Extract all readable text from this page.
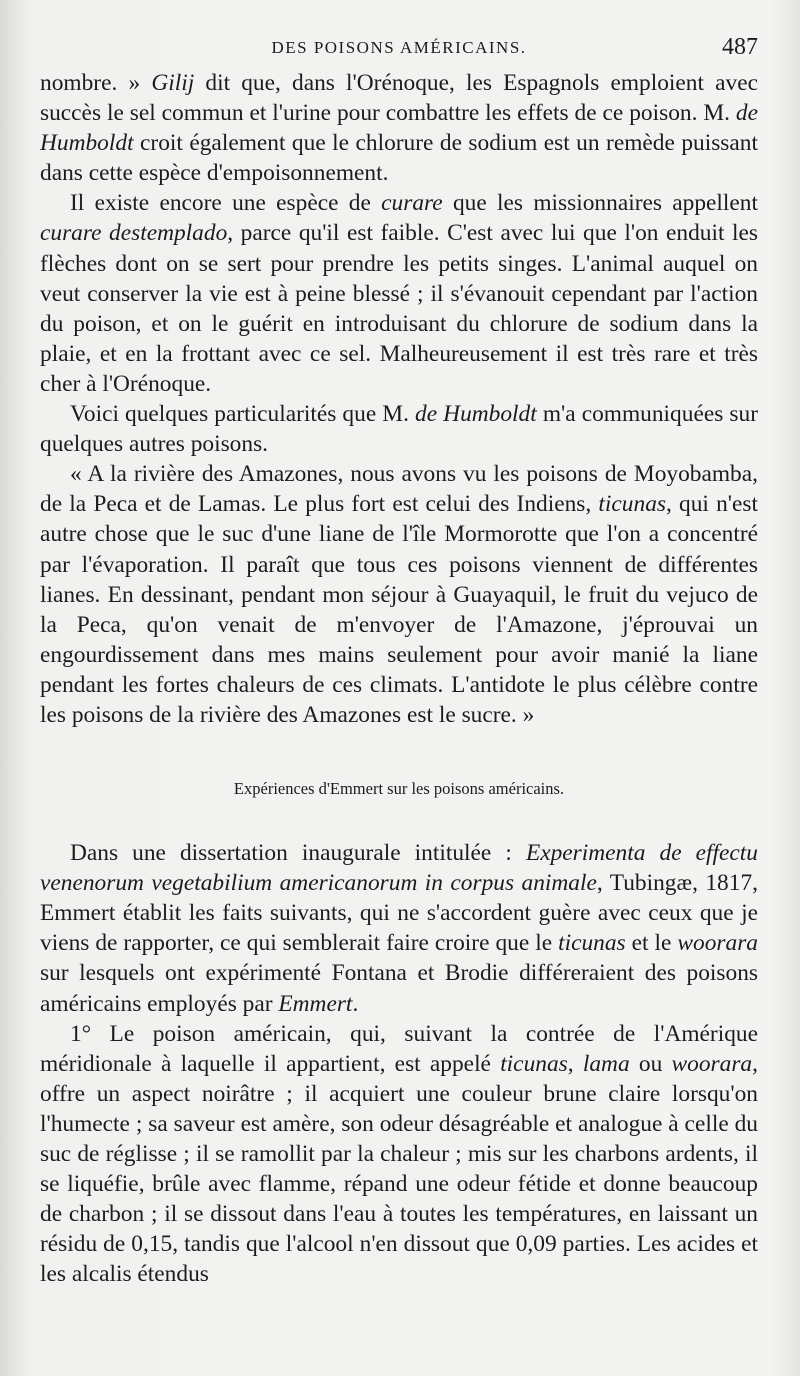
DES POISONS AMÉRICAINS.	487

nombre. » Gilij dit que, dans l'Orénoque, les Espagnols emploient avec succès le sel commun et l'urine pour combattre les effets de ce poison. M. de Humboldt croit également que le chlorure de sodium est un remède puissant dans cette espèce d'empoisonnement.

Il existe encore une espèce de curare que les missionnaires appellent curare destemplado, parce qu'il est faible. C'est avec lui que l'on enduit les flèches dont on se sert pour prendre les petits singes. L'animal auquel on veut conserver la vie est à peine blessé ; il s'évanouit cependant par l'action du poison, et on le guérit en introduisant du chlorure de sodium dans la plaie, et en la frottant avec ce sel. Malheureusement il est très rare et très cher à l'Orénoque.

Voici quelques particularités que M. de Humboldt m'a communiquées sur quelques autres poisons.

« A la rivière des Amazones, nous avons vu les poisons de Moyobamba, de la Peca et de Lamas. Le plus fort est celui des Indiens, ticunas, qui n'est autre chose que le suc d'une liane de l'île Mormorotte que l'on a concentré par l'évaporation. Il paraît que tous ces poisons viennent de différentes lianes. En dessinant, pendant mon séjour à Guayaquil, le fruit du vejuco de la Peca, qu'on venait de m'envoyer de l'Amazone, j'éprouvai un engourdissement dans mes mains seulement pour avoir manié la liane pendant les fortes chaleurs de ces climats. L'antidote le plus célèbre contre les poisons de la rivière des Amazones est le sucre. »

Expériences d'Emmert sur les poisons américains.

Dans une dissertation inaugurale intitulée : Experimenta de effectu venenorum vegetabilium americanorum in corpus animale, Tubingæ, 1817, Emmert établit les faits suivants, qui ne s'accordent guère avec ceux que je viens de rapporter, ce qui semblerait faire croire que le ticunas et le woorara sur lesquels ont expérimenté Fontana et Brodie différeraient des poisons américains employés par Emmert.

1° Le poison américain, qui, suivant la contrée de l'Amérique méridionale à laquelle il appartient, est appelé ticunas, lama ou woorara, offre un aspect noirâtre ; il acquiert une couleur brune claire lorsqu'on l'humecte ; sa saveur est amère, son odeur désagréable et analogue à celle du suc de réglisse ; il se ramollit par la chaleur ; mis sur les charbons ardents, il se liquéfie, brûle avec flamme, répand une odeur fétide et donne beaucoup de charbon ; il se dissout dans l'eau à toutes les températures, en laissant un résidu de 0,15, tandis que l'alcool n'en dissout que 0,09 parties. Les acides et les alcalis étendus
